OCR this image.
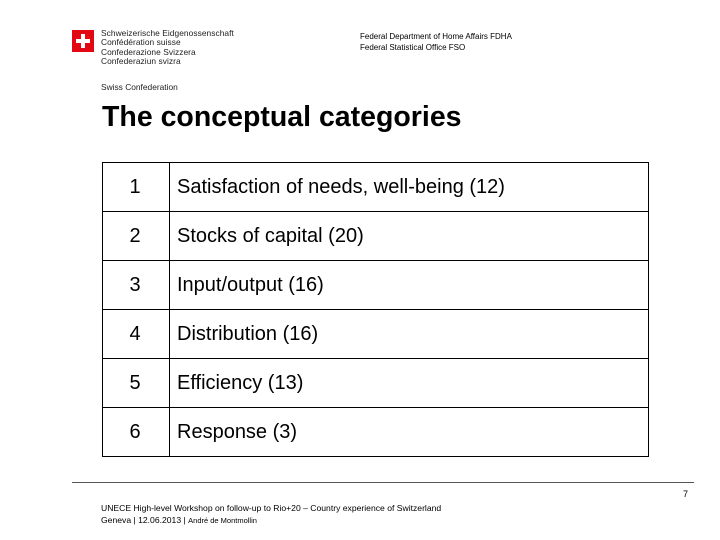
Schweizerische Eidgenossenschaft
Confédération suisse
Confederazione Svizzera
Confederaziun svizra
Swiss Confederation
Federal Department of Home Affairs FDHA
Federal Statistical Office FSO
The conceptual categories
1	Satisfaction of needs, well-being (12)
2	Stocks of capital (20)
3	Input/output (16)
4	Distribution (16)
5	Efficiency (13)
6	Response (3)
7
UNECE High-level Workshop on follow-up to Rio+20 – Country experience of Switzerland
Geneva | 12.06.2013 | André de Montmollin
